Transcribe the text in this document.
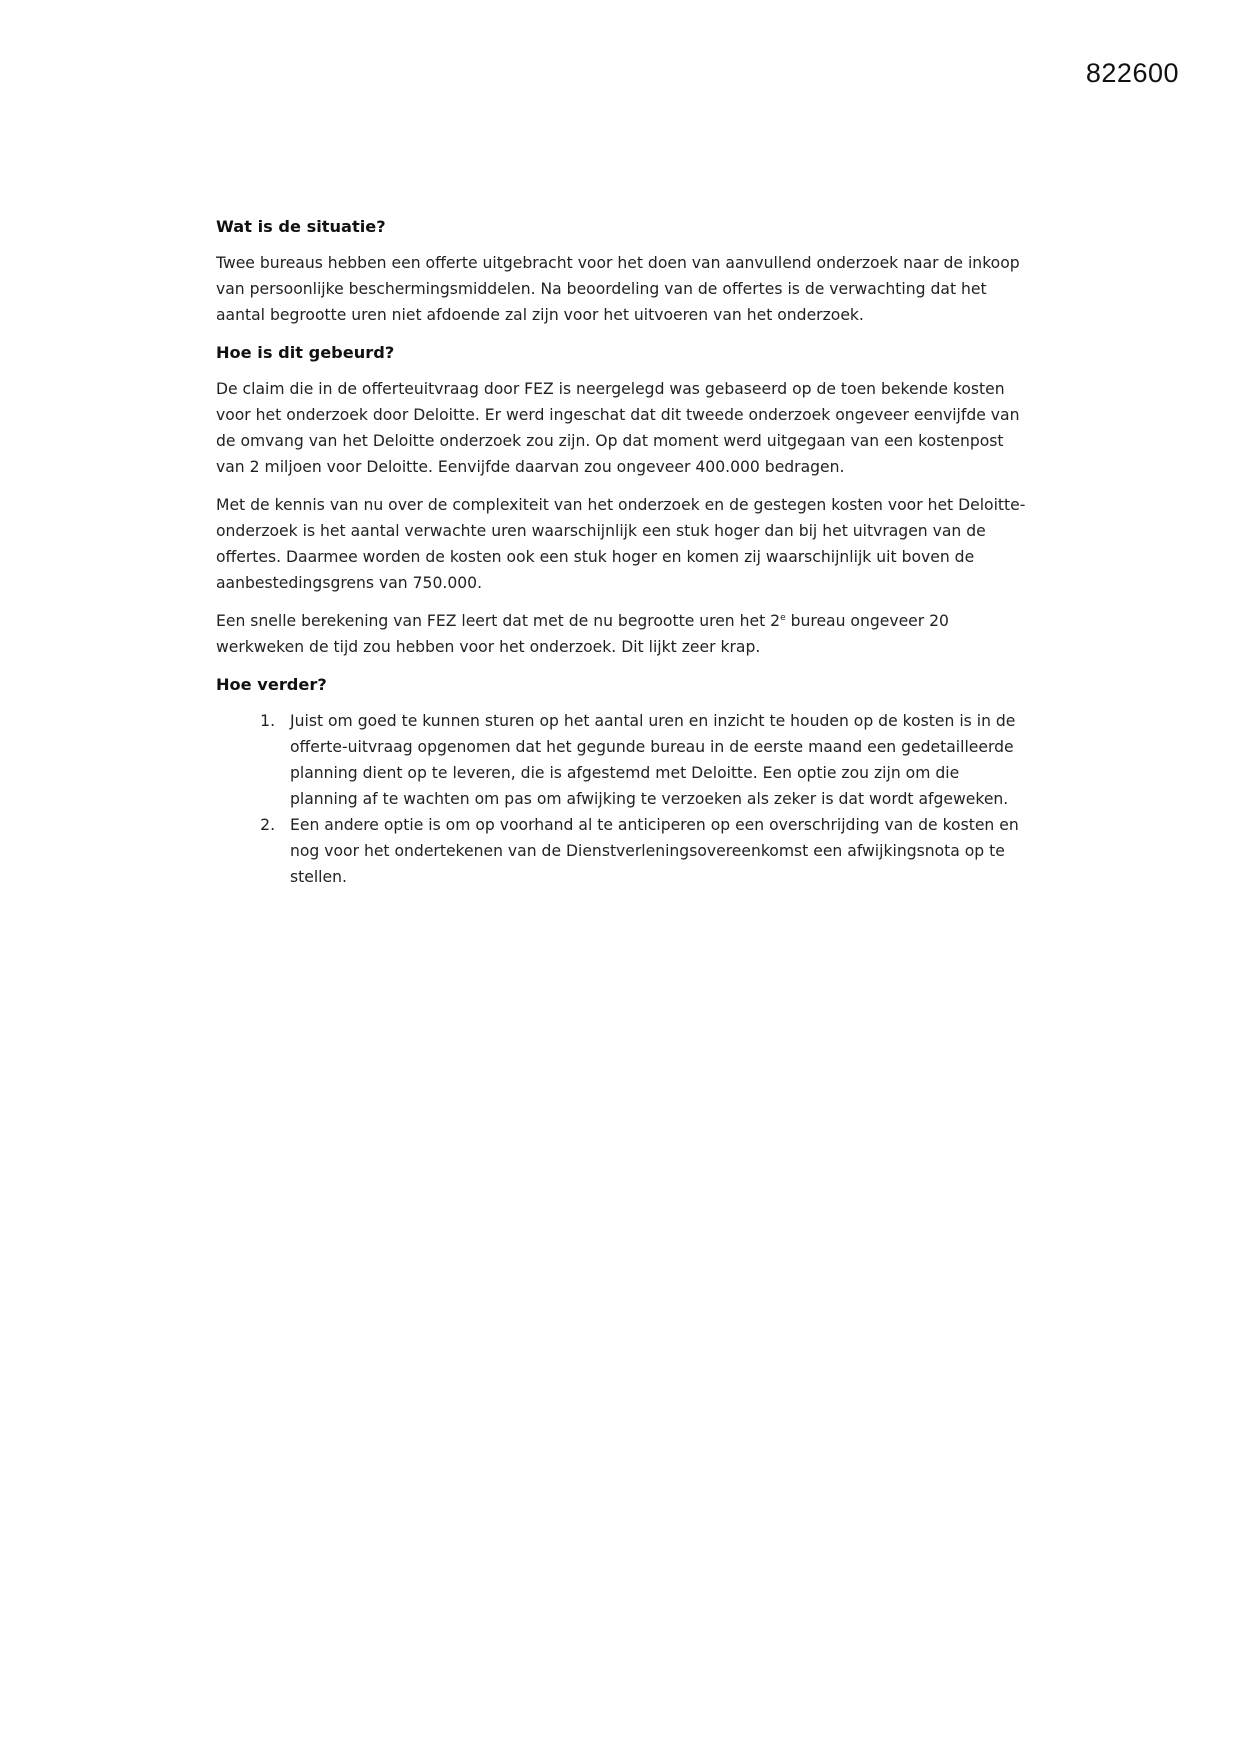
822600
Wat is de situatie?

Twee bureaus hebben een offerte uitgebracht voor het doen van aanvullend onderzoek naar de inkoop van persoonlijke beschermingsmiddelen. Na beoordeling van de offertes is de verwachting dat het aantal begrootte uren niet afdoende zal zijn voor het uitvoeren van het onderzoek.

Hoe is dit gebeurd?

De claim die in de offerteuitvraag door FEZ is neergelegd was gebaseerd op de toen bekende kosten voor het onderzoek door Deloitte. Er werd ingeschat dat dit tweede onderzoek ongeveer eenvijfde van de omvang van het Deloitte onderzoek zou zijn. Op dat moment werd uitgegaan van een kostenpost van 2 miljoen voor Deloitte. Eenvijfde daarvan zou ongeveer 400.000 bedragen.

Met de kennis van nu over de complexiteit van het onderzoek en de gestegen kosten voor het Deloitte-onderzoek is het aantal verwachte uren waarschijnlijk een stuk hoger dan bij het uitvragen van de offertes. Daarmee worden de kosten ook een stuk hoger en komen zij waarschijnlijk uit boven de aanbestedingsgrens van 750.000.

Een snelle berekening van FEZ leert dat met de nu begrootte uren het 2e bureau ongeveer 20 werkweken de tijd zou hebben voor het onderzoek. Dit lijkt zeer krap.

Hoe verder?
1. Juist om goed te kunnen sturen op het aantal uren en inzicht te houden op de kosten is in de offerte-uitvraag opgenomen dat het gegunde bureau in de eerste maand een gedetailleerde planning dient op te leveren, die is afgestemd met Deloitte. Een optie zou zijn om die planning af te wachten om pas om afwijking te verzoeken als zeker is dat wordt afgeweken.
2. Een andere optie is om op voorhand al te anticiperen op een overschrijding van de kosten en nog voor het ondertekenen van de Dienstverleningsovereenkomst een afwijkingsnota op te stellen.
